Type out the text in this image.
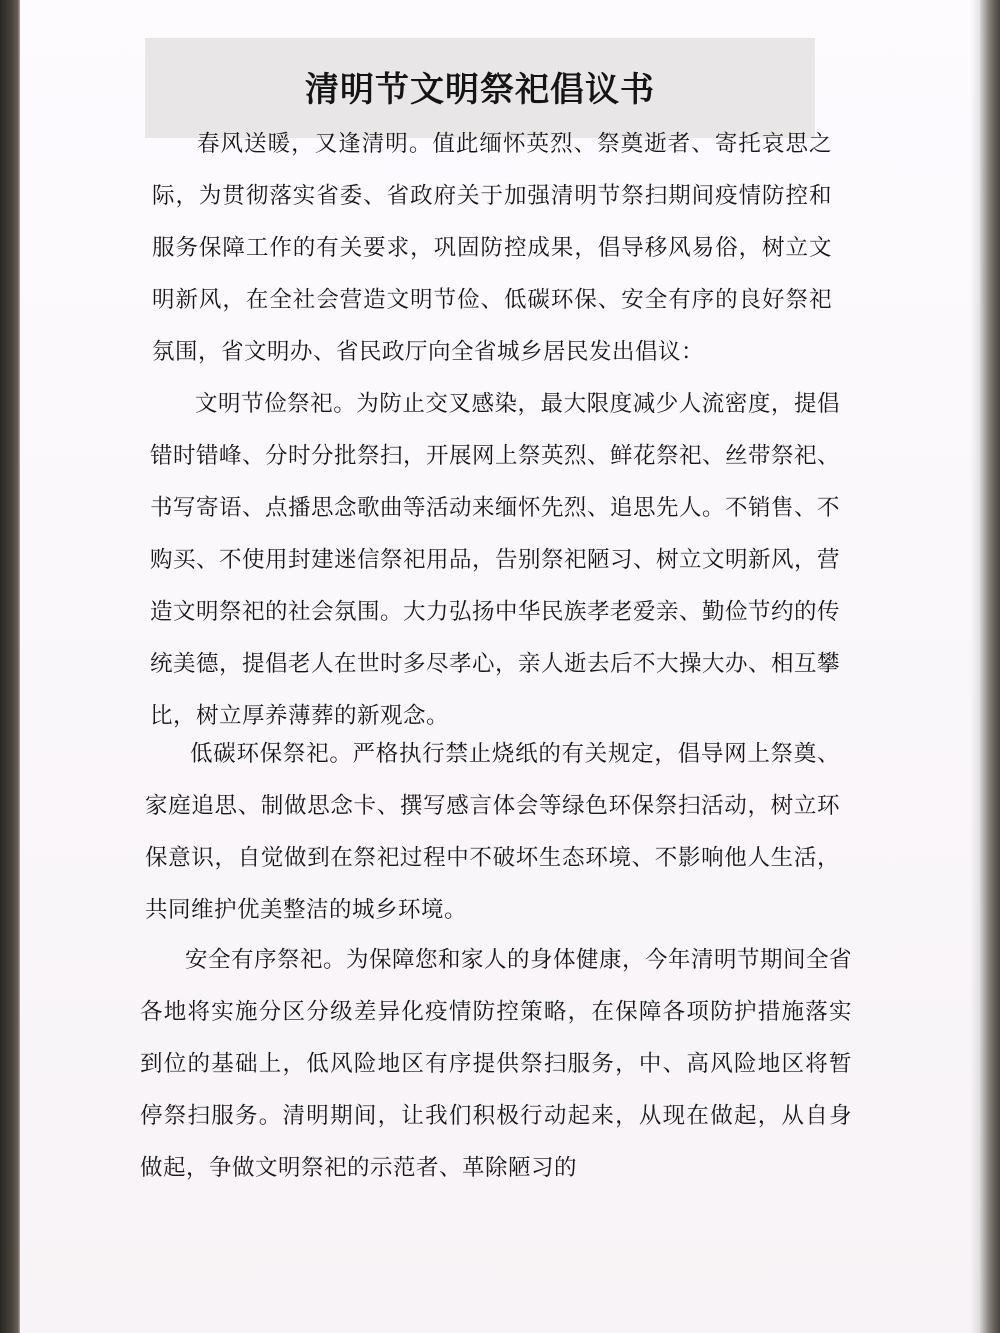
清明节文明祭祀倡议书
春风送暖，又逢清明。值此缅怀英烈、祭奠逝者、寄托哀思之际，为贯彻落实省委、省政府关于加强清明节祭扫期间疫情防控和服务保障工作的有关要求，巩固防控成果，倡导移风易俗，树立文明新风，在全社会营造文明节俭、低碳环保、安全有序的良好祭祀氛围，省文明办、省民政厅向全省城乡居民发出倡议：
文明节俭祭祀。为防止交叉感染，最大限度减少人流密度，提倡错时错峰、分时分批祭扫，开展网上祭英烈、鲜花祭祀、丝带祭祀、书写寄语、点播思念歌曲等活动来缅怀先烈、追思先人。不销售、不购买、不使用封建迷信祭祀用品，告别祭祀陋习、树立文明新风，营造文明祭祀的社会氛围。大力弘扬中华民族孝老爱亲、勤俭节约的传统美德，提倡老人在世时多尽孝心，亲人逝去后不大操大办、相互攀比，树立厚养薄葬的新观念。
低碳环保祭祀。严格执行禁止烧纸的有关规定，倡导网上祭奠、家庭追思、制做思念卡、撰写感言体会等绿色环保祭扫活动，树立环保意识，自觉做到在祭祀过程中不破坏生态环境、不影响他人生活，共同维护优美整洁的城乡环境。
安全有序祭祀。为保障您和家人的身体健康，今年清明节期间全省各地将实施分区分级差异化疫情防控策略，在保障各项防护措施落实到位的基础上，低风险地区有序提供祭扫服务，中、高风险地区将暂停祭扫服务。清明期间，让我们积极行动起来，从现在做起，从自身做起，争做文明祭祀的示范者、革除陋习的
